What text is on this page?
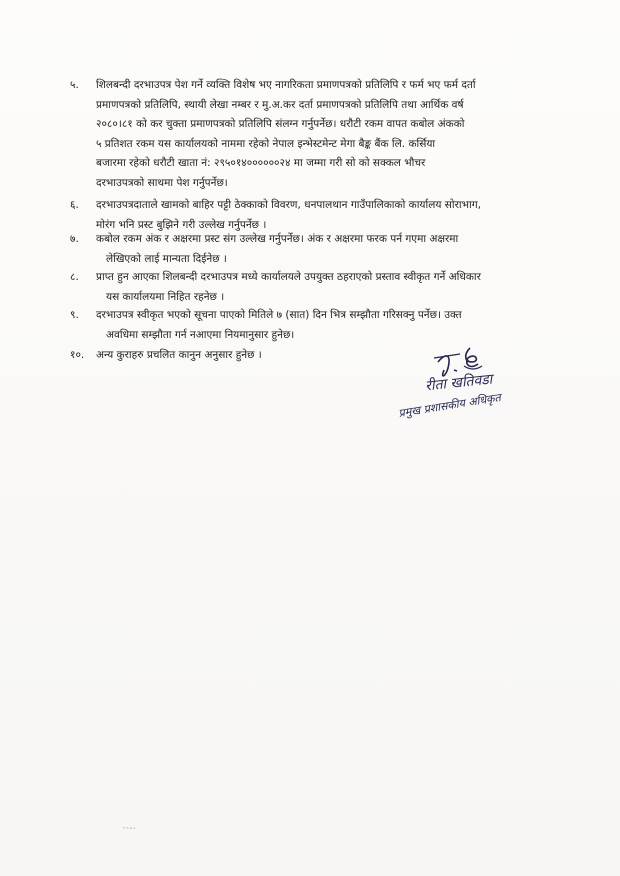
५.	शिलबन्दी दरभाउपत्र पेश गर्ने व्यक्ति विशेष भए नागरिकता प्रमाणपत्रको प्रतिलिपि र फर्म भए फर्म दर्ता
प्रमाणपत्रको प्रतिलिपि, स्थायी लेखा नम्बर र मु.अ.कर दर्ता प्रमाणपत्रको प्रतिलिपि तथा आर्थिक वर्ष
२०८०।८१ को कर चुक्ता प्रमाणपत्रको प्रतिलिपि संलग्न गर्नुपर्नेछ। धरौटी रकम वापत कबोल अंकको
५ प्रतिशत रकम यस कार्यालयको नाममा रहेको नेपाल इन्भेस्टमेन्ट मेगा बैङ्क बैंक लि. कर्सिया
बजारमा रहेको धरौटी खाता नं: २९५०१४००००००२४ मा जम्मा गरी सो को सक्कल भौचर
दरभाउपत्रको साथमा पेश गर्नुपर्नेछ।
६.	दरभाउपत्रदाताले खामको बाहिर पट्टी ठेक्काको विवरण, धनपालथान गाउँपालिकाको कार्यालय सोराभाग,
मोरंग भनि प्रस्ट बुझिने गरी उल्लेख गर्नुपर्नेछ ।
७.	कबोल रकम अंक र अक्षरमा प्रस्ट संग उल्लेख गर्नुपर्नेछ। अंक र अक्षरमा फरक पर्न गएमा अक्षरमा
लेखिएको लाई मान्यता दिईनेछ ।
८.	प्राप्त हुन आएका शिलबन्दी दरभाउपत्र मध्ये कार्यालयले उपयुक्त ठहराएको प्रस्ताव स्वीकृत गर्ने अधिकार
यस कार्यालयमा निहित रहनेछ ।
९.	दरभाउपत्र स्वीकृत भएको सूचना पाएको मितिले ७ (सात) दिन भित्र सम्झौता गरिसक्नु पर्नेछ। उक्त
अवधिमा सम्झौता गर्न नआएमा नियमानुसार हुनेछ।
१०.	अन्य कुराहरु प्रचलित कानुन अनुसार हुनेछ ।
रीता खतिवडा
प्रमुख प्रशासकीय अधिकृत
